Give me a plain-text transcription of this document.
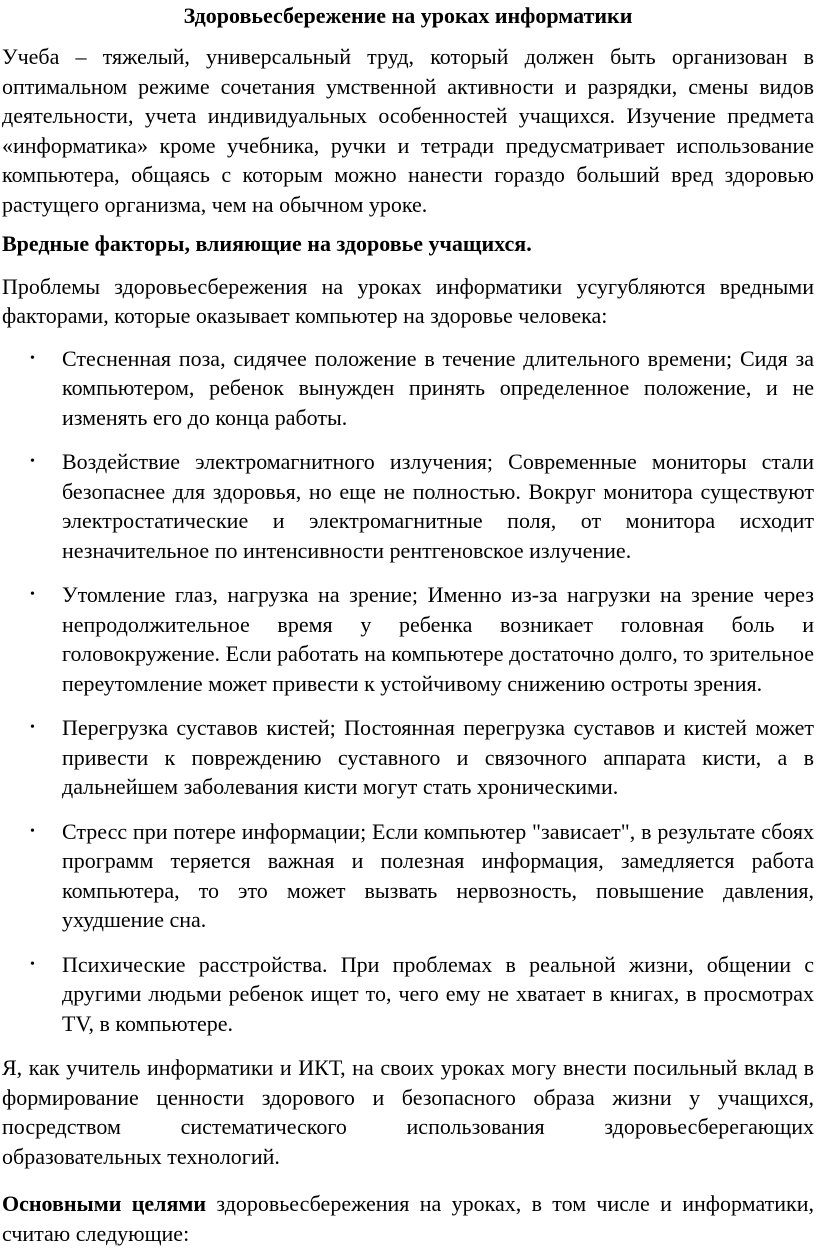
Здоровьесбережение на уроках информатики

Учеба – тяжелый, универсальный труд, который должен быть организован в оптимальном режиме сочетания умственной активности и разрядки, смены видов деятельности, учета индивидуальных особенностей учащихся. Изучение предмета «информатика» кроме учебника, ручки и тетради предусматривает использование компьютера, общаясь с которым можно нанести гораздо больший вред здоровью растущего организма, чем на обычном уроке.

Вредные факторы, влияющие на здоровье учащихся.

Проблемы здоровьесбережения на уроках информатики усугубляются вредными факторами, которые оказывает компьютер на здоровье человека:

• Стесненная поза, сидячее положение в течение длительного времени; Сидя за компьютером, ребенок вынужден принять определенное положение, и не изменять его до конца работы.
• Воздействие электромагнитного излучения; Современные мониторы стали безопаснее для здоровья, но еще не полностью. Вокруг монитора существуют электростатические и электромагнитные поля, от монитора исходит незначительное по интенсивности рентгеновское излучение.
• Утомление глаз, нагрузка на зрение; Именно из-за нагрузки на зрение через непродолжительное время у ребенка возникает головная боль и головокружение. Если работать на компьютере достаточно долго, то зрительное переутомление может привести к устойчивому снижению остроты зрения.
• Перегрузка суставов кистей; Постоянная перегрузка суставов и кистей может привести к повреждению суставного и связочного аппарата кисти, а в дальнейшем заболевания кисти могут стать хроническими.
• Стресс при потере информации; Если компьютер "зависает", в результате сбоях программ теряется важная и полезная информация, замедляется работа компьютера, то это может вызвать нервозность, повышение давления, ухудшение сна.
• Психические расстройства. При проблемах в реальной жизни, общении с другими людьми ребенок ищет то, чего ему не хватает в книгах, в просмотрах TV, в компьютере.

Я, как учитель информатики и ИКТ, на своих уроках могу внести посильный вклад в формирование ценности здорового и безопасного образа жизни у учащихся, посредством систематического использования здоровьесберегающих образовательных технологий.

Основными целями здоровьесбережения на уроках, в том числе и информатики, считаю следующие:
